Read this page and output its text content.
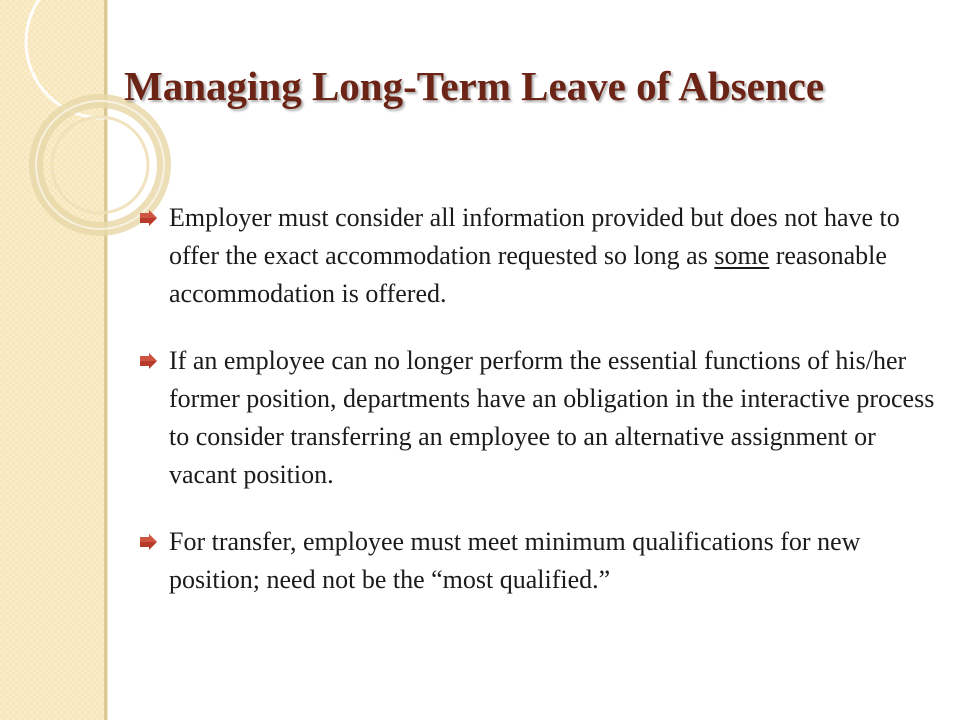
Managing Long-Term Leave of Absence
Employer must consider all information provided but does not have to offer the exact accommodation requested so long as some reasonable accommodation is offered.
If an employee can no longer perform the essential functions of his/her former position, departments have an obligation in the interactive process to consider transferring an employee to an alternative assignment or vacant position.
For transfer, employee must meet minimum qualifications for new position; need not be the “most qualified.”
